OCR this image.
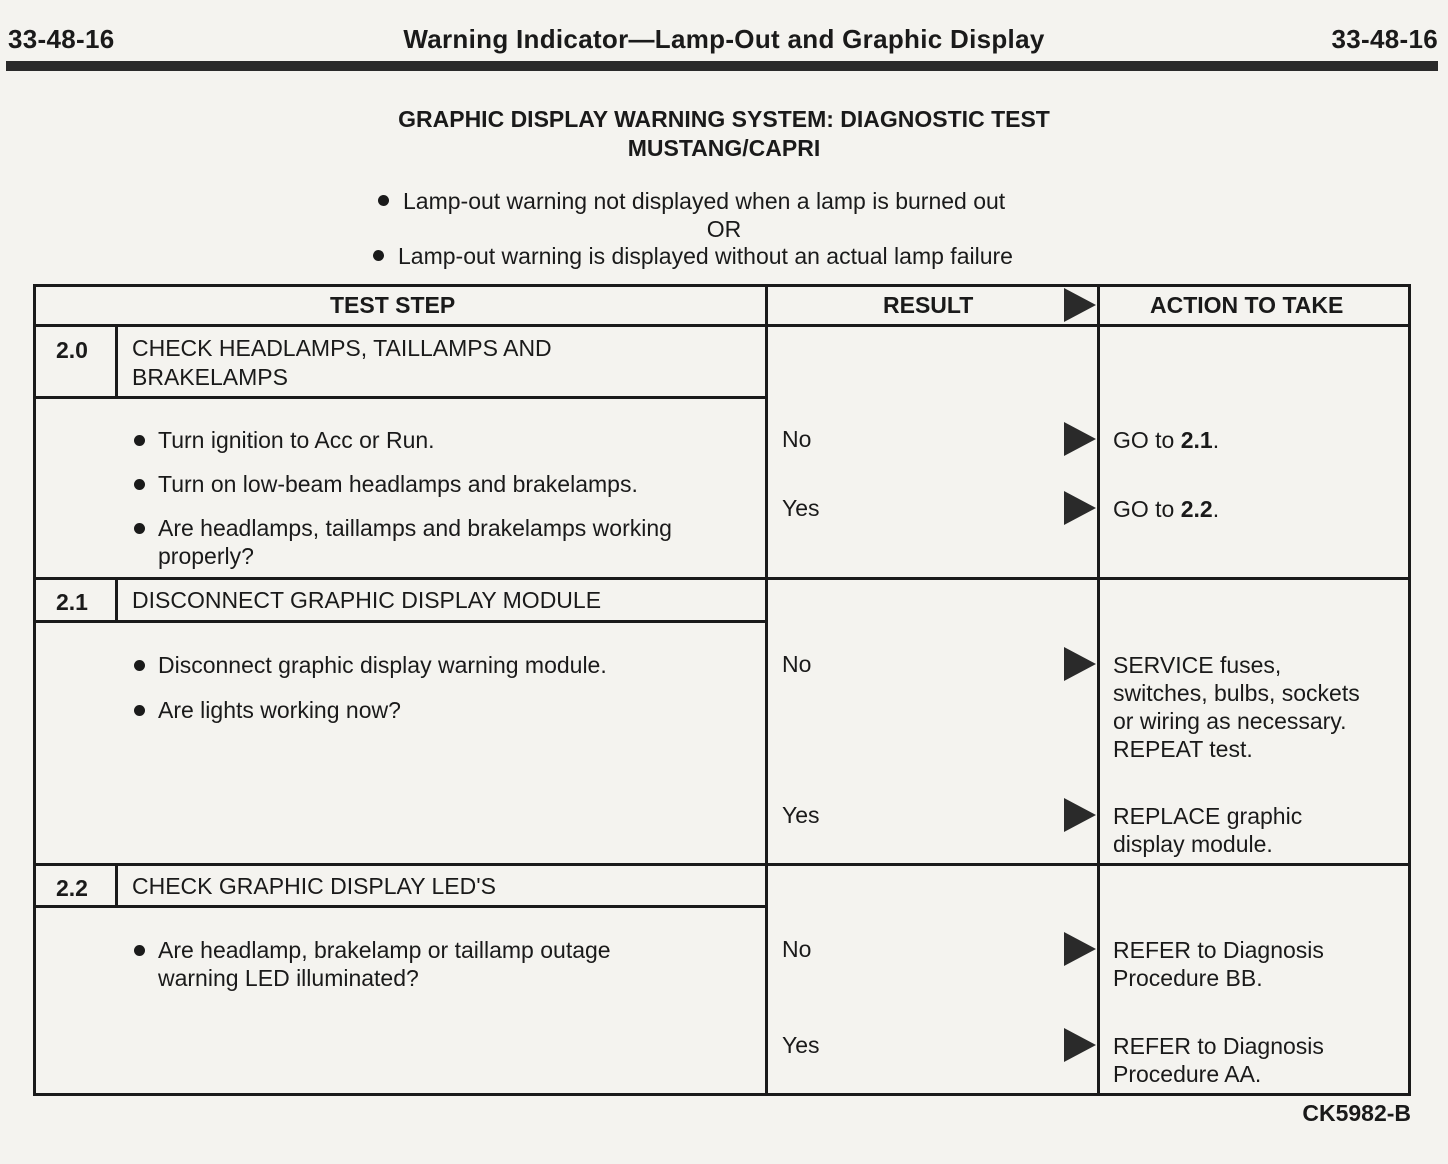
33-48-16	Warning Indicator—Lamp-Out and Graphic Display	33-48-16
GRAPHIC DISPLAY WARNING SYSTEM: DIAGNOSTIC TEST
MUSTANG/CAPRI
Lamp-out warning not displayed when a lamp is burned out
OR
Lamp-out warning is displayed without an actual lamp failure
TEST STEP	RESULT	ACTION TO TAKE
2.0 CHECK HEADLAMPS, TAILLAMPS AND
BRAKELAMPS
Turn ignition to Acc or Run.
Turn on low-beam headlamps and brakelamps.
Are headlamps, taillamps and brakelamps working
properly?
No	GO to 2.1.
Yes	GO to 2.2.
2.1 DISCONNECT GRAPHIC DISPLAY MODULE
Disconnect graphic display warning module.
Are lights working now?
No	SERVICE fuses,
switches, bulbs, sockets
or wiring as necessary.
REPEAT test.
Yes	REPLACE graphic
display module.
2.2 CHECK GRAPHIC DISPLAY LED'S
Are headlamp, brakelamp or taillamp outage
warning LED illuminated?
No	REFER to Diagnosis
Procedure BB.
Yes	REFER to Diagnosis
Procedure AA.
CK5982-B
